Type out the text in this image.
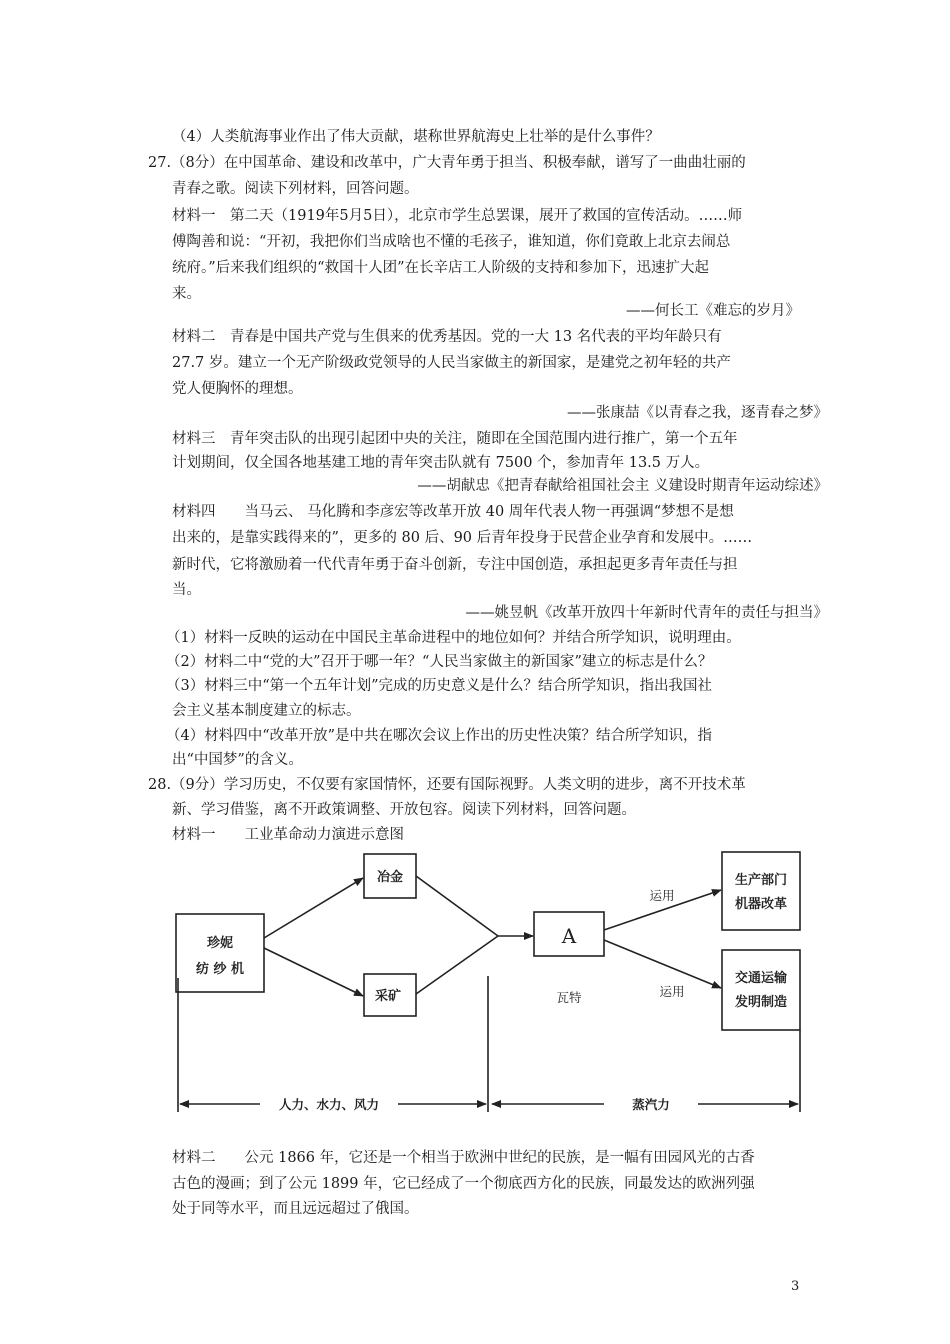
（4）人类航海事业作出了伟大贡献，堪称世界航海史上壮举的是什么事件？
27.（8分）在中国革命、建设和改革中，广大青年勇于担当、积极奉献，谱写了一曲曲壮丽的
青春之歌。阅读下列材料，回答问题。
材料一　第二天（1919年5月5日），北京市学生总罢课，展开了救国的宣传活动。……师
傅陶善和说：“开初，我把你们当成啥也不懂的毛孩子，谁知道，你们竟敢上北京去闹总
统府。”后来我们组织的“救国十人团”在长辛店工人阶级的支持和参加下，迅速扩大起
来。
——何长工《难忘的岁月》
材料二　青春是中国共产党与生俱来的优秀基因。党的一大 13 名代表的平均年龄只有
27.7 岁。建立一个无产阶级政党领导的人民当家做主的新国家，是建党之初年轻的共产
党人便胸怀的理想。
——张康喆《以青春之我，逐青春之梦》
材料三　青年突击队的出现引起团中央的关注，随即在全国范围内进行推广，第一个五年
计划期间，仅全国各地基建工地的青年突击队就有 7500 个，参加青年 13.5 万人。
——胡献忠《把青春献给祖国社会主 义建设时期青年运动综述》
材料四　　当马云、 马化腾和李彦宏等改革开放 40 周年代表人物一再强调“梦想不是想
出来的，是靠实践得来的”，更多的 80 后、90 后青年投身于民营企业孕育和发展中。……
新时代，它将激励着一代代青年勇于奋斗创新，专注中国创造，承担起更多青年责任与担
当。
——姚昱帆《改革开放四十年新时代青年的责任与担当》
（1）材料一反映的运动在中国民主革命进程中的地位如何？并结合所学知识，说明理由。
（2）材料二中“党的大”召开于哪一年？“人民当家做主的新国家”建立的标志是什么？
（3）材料三中“第一个五年计划”完成的历史意义是什么？结合所学知识，指出我国社
会主义基本制度建立的标志。
（4）材料四中“改革开放”是中共在哪次会议上作出的历史性决策？结合所学知识，指
出“中国梦”的含义。
28.（9分）学习历史，不仅要有家国情怀，还要有国际视野。人类文明的进步，离不开技术革
新、学习借鉴，离不开政策调整、开放包容。阅读下列材料，回答问题。
材料一　　工业革命动力演进示意图
珍妮
纺 纱 机
冶金
采矿
A
瓦特
运用
运用
生产部门
机器改革
交通运输
发明制造
人力、水力、风力	蒸汽力
材料二　　公元 1866 年，它还是一个相当于欧洲中世纪的民族，是一幅有田园风光的古香
古色的漫画；到了公元 1899 年，它已经成了一个彻底西方化的民族，同最发达的欧洲列强
处于同等水平，而且远远超过了俄国。
3
